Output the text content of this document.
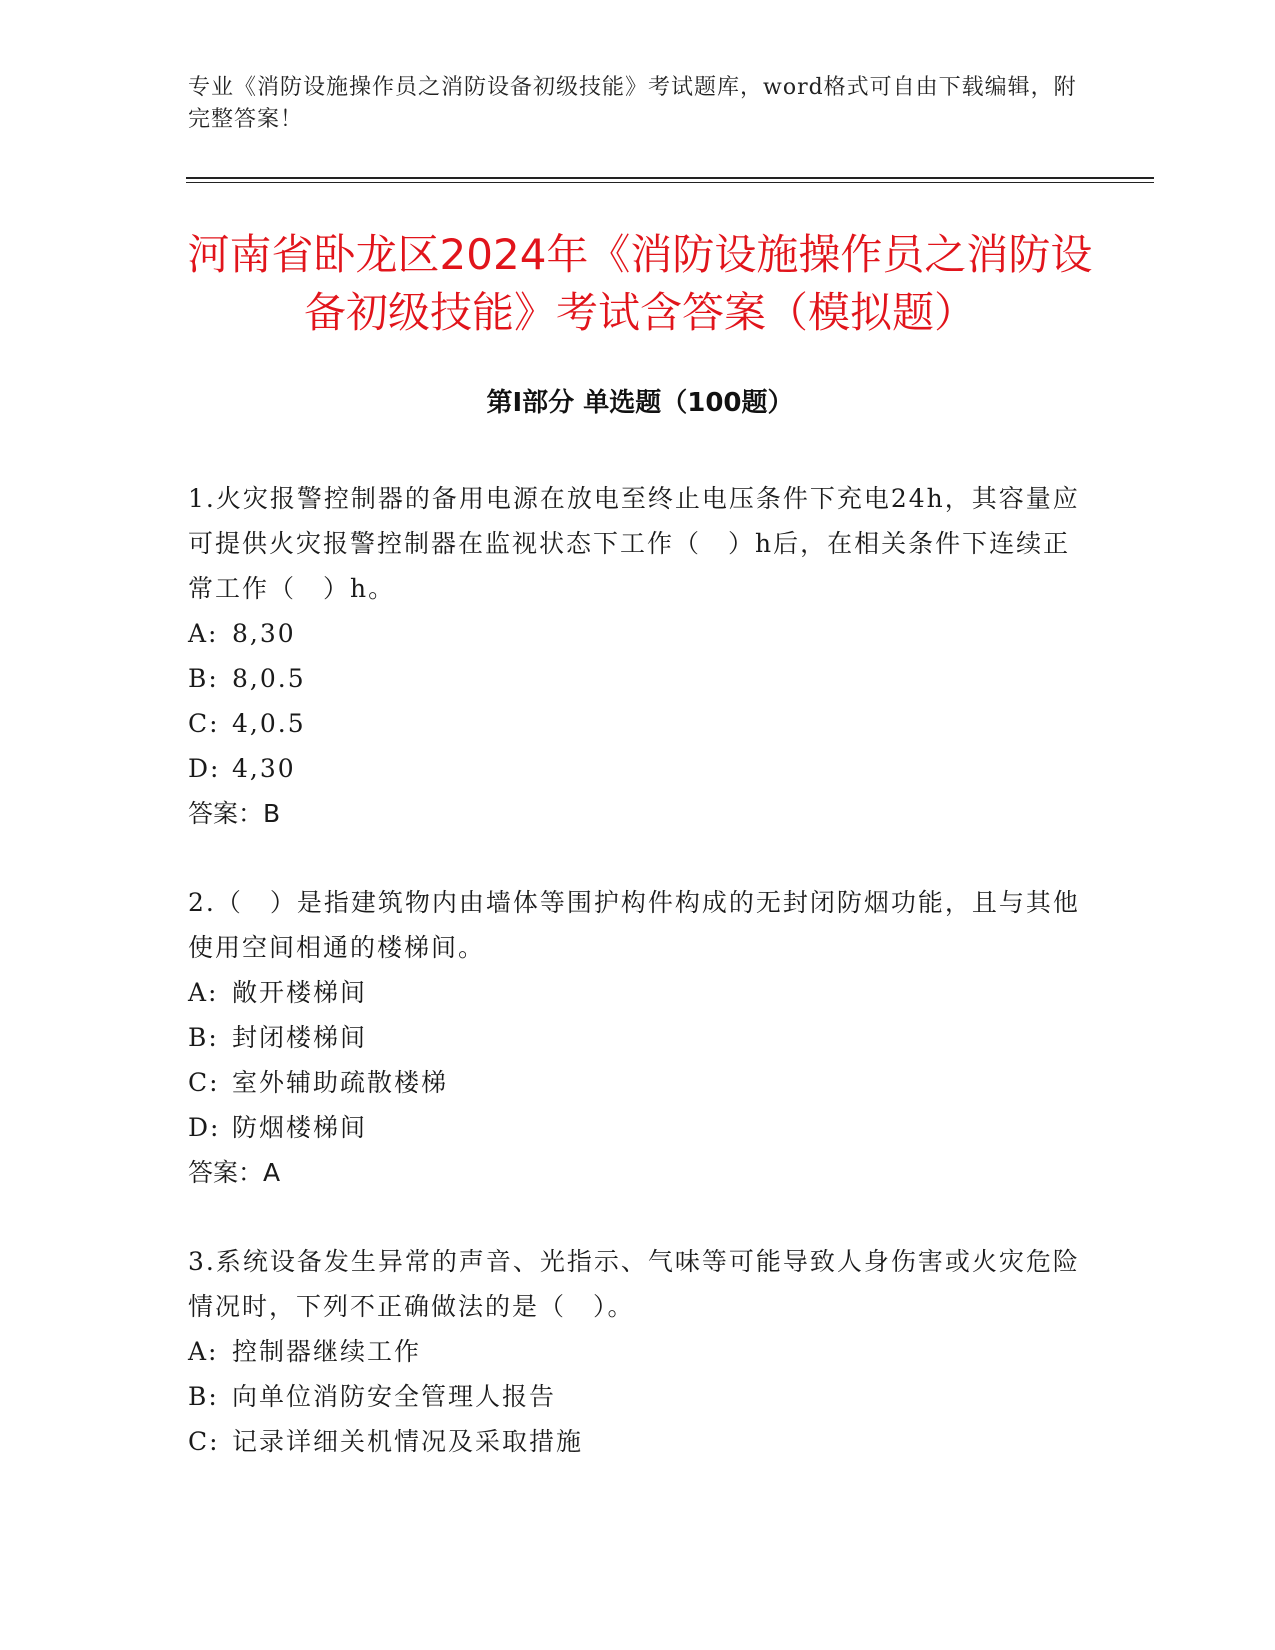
专业《消防设施操作员之消防设备初级技能》考试题库，word格式可自由下载编辑，附完整答案！
河南省卧龙区2024年《消防设施操作员之消防设备初级技能》考试含答案（模拟题）
第Ⅰ部分 单选题（100题）

1.火灾报警控制器的备用电源在放电至终止电压条件下充电24h，其容量应可提供火灾报警控制器在监视状态下工作（　）h后，在相关条件下连续正常工作（　）h。

A: 8,30

B: 8,0.5

C: 4,0.5

D: 4,30

答案：B

2.（　）是指建筑物内由墙体等围护构件构成的无封闭防烟功能，且与其他使用空间相通的楼梯间。

A: 敞开楼梯间

B: 封闭楼梯间

C: 室外辅助疏散楼梯

D: 防烟楼梯间

答案：A

3.系统设备发生异常的声音、光指示、气味等可能导致人身伤害或火灾危险情况时，下列不正确做法的是（　）。

A: 控制器继续工作

B: 向单位消防安全管理人报告

C: 记录详细关机情况及采取措施
